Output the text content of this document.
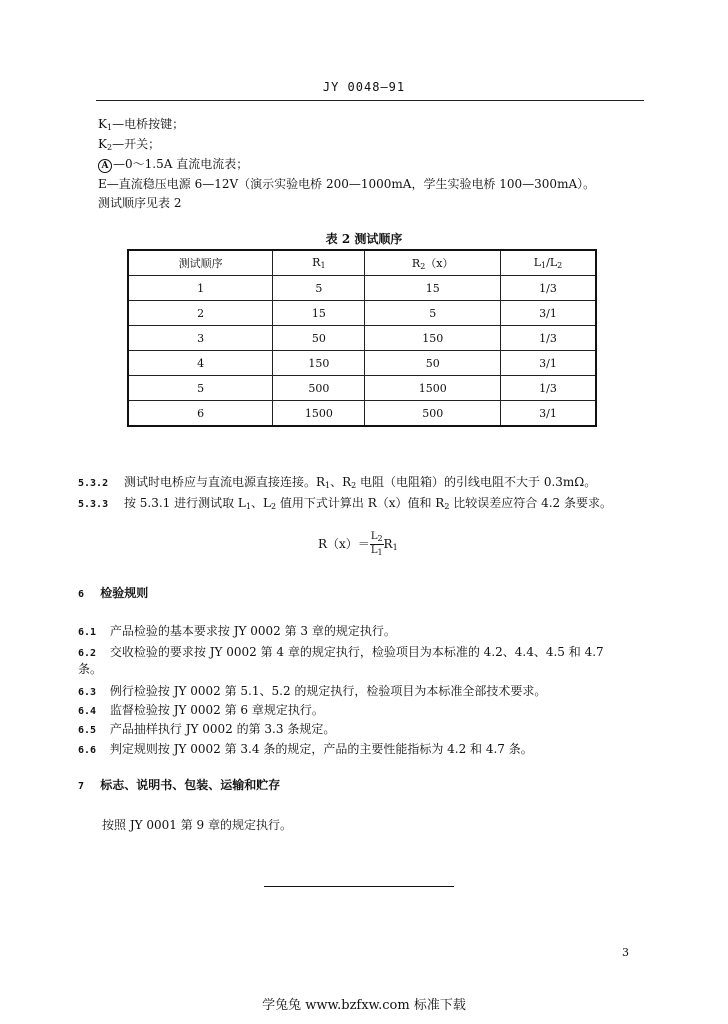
JY 0048—91
$K_1—$电桥按键；
$K_2—$开关；
A —0～1.5A 直流电流表；
E—直流稳压电源 6—12V（演示实验电桥 200—1000mA，学生实验电桥 100—300mA）。
测试顺序见表 2
表 2 测试顺序
测试顺序	$R_1$	$R_2(x)$	$L_1/L_2$
1	5	15	1/3
2	15	5	3/1
3	50	150	1/3
4	150	50	3/1
5	500	1500	1/3
6	1500	500	3/1
5.3.2 测试时电桥应与直流电源直接连接。$R_1$、$R_2$ 电阻（电阻箱）的引线电阻不大于 0.3mΩ。
5.3.3 按 5.3.1 进行测试取 $L_1$、$L_2$ 值用下式计算出 R（x）值和 $R_2$ 比较误差应符合 4.2 条要求。
$R(x)= \frac{L_2}{L_1} R_1$
6 检验规则
6.1 产品检验的基本要求按 JY 0002 第 3 章的规定执行。
6.2 交收检验的要求按 JY 0002 第 4 章的规定执行，检验项目为本标准的 4.2、4.4、4.5 和 4.7
条。
6.3 例行检验按 JY 0002 第 5.1、5.2 的规定执行，检验项目为本标准全部技术要求。
6.4 监督检验按 JY 0002 第 6 章规定执行。
6.5 产品抽样执行 JY 0002 的第 3.3 条规定。
6.6 判定规则按 JY 0002 第 3.4 条的规定，产品的主要性能指标为 4.2 和 4.7 条。
7 标志、说明书、包装、运输和贮存
按照 JY 0001 第 9 章的规定执行。
3
学兔兔 www.bzfxw.com 标准下载
